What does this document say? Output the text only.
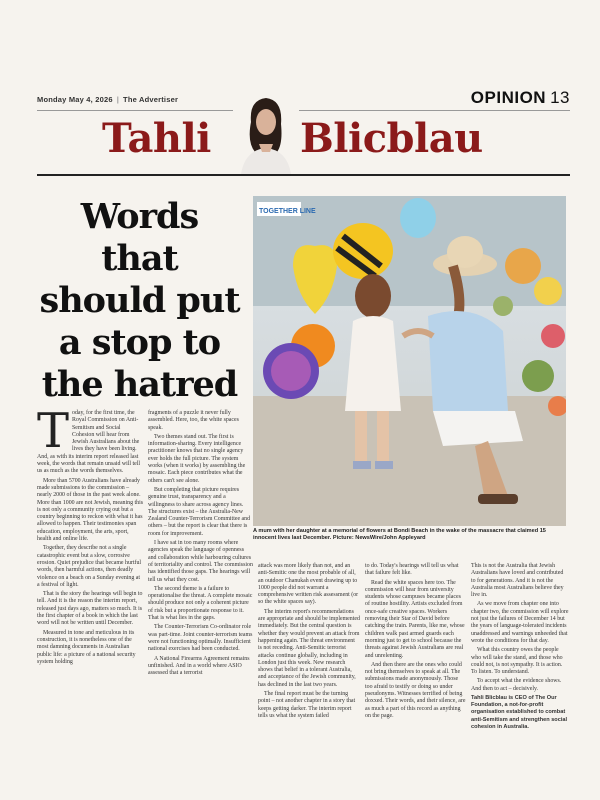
Monday May 4, 2026 | The Advertiser	OPINION 13
Tahli Blicblau
Words that should put a stop to the hatred
TOGETHER LINE
A mum with her daughter at a memorial of flowers at Bondi Beach in the wake of the massacre that claimed 15 innocent lives last December. Picture: NewsWire/John Appleyard

Today, for the first time, the Royal Commission on Anti-Semitism and Social Cohesion will hear from Jewish Australians about the lives they have been living. And, as with its interim report released last week, the words that remain unsaid will tell us as much as the words themselves.

More than 5700 Australians have already made submissions to the commission – nearly 2000 of those in the past week alone. More than 1000 are not Jewish, meaning this is not only a community crying out but a country beginning to reckon with what it has allowed to happen. Their testimonies span education, employment, the arts, sport, health and online life.

Together, they describe not a single catastrophic event but a slow, corrosive erosion. Quiet prejudice that became hurtful words, then harmful actions, then deadly violence on a beach on a Sunday evening at a festival of light.

That is the story the hearings will begin to tell. And it is the reason the interim report, released just days ago, matters so much. It is the first chapter of a book in which the last word will not be written until December.

Measured in tone and meticulous in its construction, it is nonetheless one of the most damning documents in Australian public life: a picture of a national security system holding

fragments of a puzzle it never fully assembled. Here, too, the white spaces speak.

Two themes stand out. The first is information-sharing. Every intelligence practitioner knows that no single agency ever holds the full picture. The system works (when it works) by assembling the mosaic. Each piece contributes what the others can't see alone.

But completing that picture requires genuine trust, transparency and a willingness to share across agency lines. The structures exist – the Australia-New Zealand Counter-Terrorism Committee and others – but the report is clear that there is room for improvement.

I have sat in too many rooms where agencies speak the language of openness and collaboration while harbouring cultures of territoriality and control. The commission has identified those gaps. The hearings will tell us what they cost.

The second theme is a failure to operationalise the threat. A complete mosaic should produce not only a coherent picture of risk but a proportionate response to it. That is what lies in the gaps.

The Counter-Terrorism Co-ordinator role was part-time. Joint counter-terrorism teams were not functioning optimally. Insufficient national exercises had been conducted.

A National Firearms Agreement remains unfinished. And in a world where ASIO assessed that a terrorist

attack was more likely than not, and an anti-Semitic one the most probable of all, an outdoor Chanukah event drawing up to 1000 people did not warrant a comprehensive written risk assessment (or so the white spaces say).

The interim report's recommendations are appropriate and should be implemented immediately. But the central question is whether they would prevent an attack from happening again. The threat environment is not receding. Anti-Semitic terrorist attacks continue globally, including in London just this week. New research shows that belief in a tolerant Australia, and acceptance of the Jewish community, has declined in the last two years.

The final report must be the turning point – not another chapter in a story that keeps getting darker. The interim report tells us what the system failed

to do. Today's hearings will tell us what that failure felt like.

Read the white spaces here too. The commission will hear from university students whose campuses became places of routine hostility. Artists excluded from once-safe creative spaces. Workers removing their Star of David before catching the train. Parents, like me, whose children walk past armed guards each morning just to get to school because the threats against Jewish Australians are real and unrelenting.

And then there are the ones who could not bring themselves to speak at all. The submissions made anonymously. Those too afraid to testify or doing so under pseudonyms. Witnesses terrified of being doxxed. Their words, and their silence, are as much a part of this record as anything on the page.

This is not the Australia that Jewish Australians have loved and contributed to for generations. And it is not the Australia most Australians believe they live in.

As we move from chapter one into chapter two, the commission will explore not just the failures of December 14 but the years of language-tolerated incidents unaddressed and warnings unheeded that wrote the conditions for that day.

What this country owes the people who will take the stand, and those who could not, is not sympathy. It is action. To listen. To understand.

To accept what the evidence shows. And then to act – decisively.

Tahli Blicblau is CEO of The Our Foundation, a not-for-profit organisation established to combat anti-Semitism and strengthen social cohesion in Australia.
